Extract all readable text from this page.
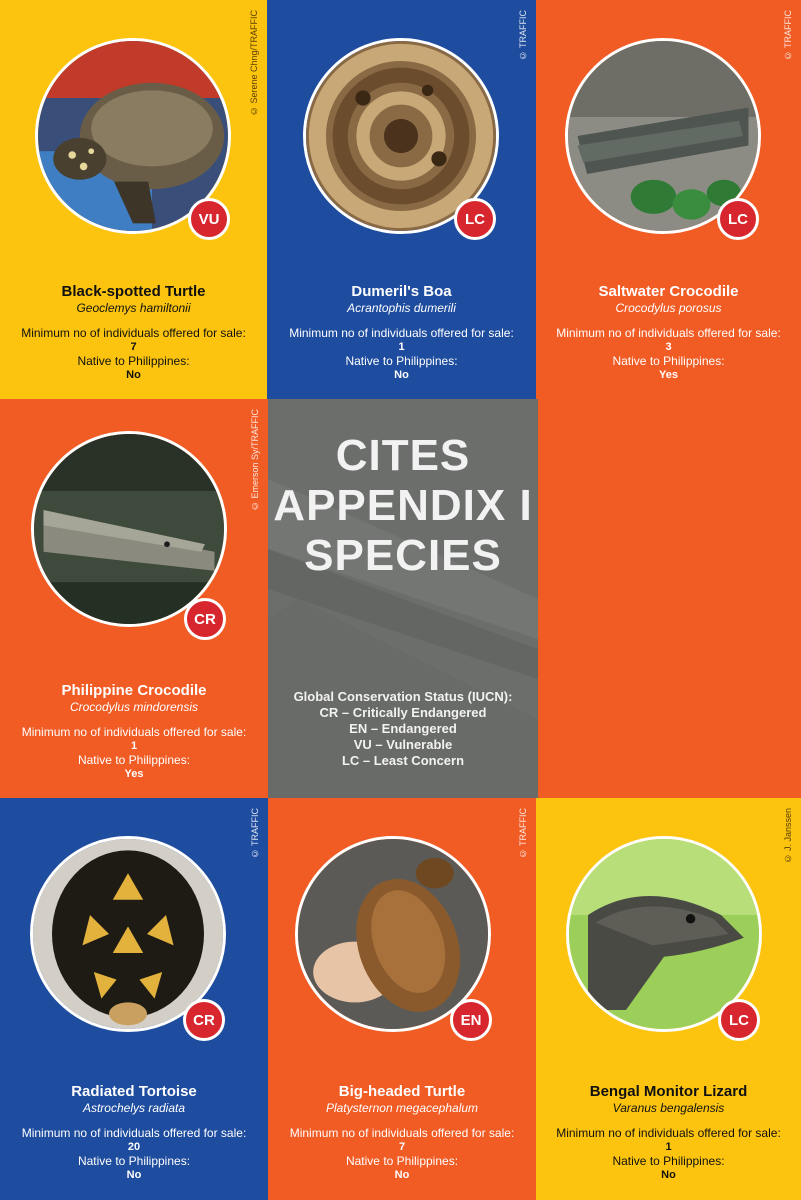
© Serene Chng/TRAFFIC
VU
Black-spotted Turtle
Geoclemys hamiltonii
Minimum no of individuals offered for sale:
7
Native to Philippines:
No
© TRAFFIC
LC
Dumeril's Boa
Acrantophis dumerili
Minimum no of individuals offered for sale:
1
Native to Philippines:
No
© TRAFFIC
LC
Saltwater Crocodile
Crocodylus porosus
Minimum no of individuals offered for sale:
3
Native to Philippines:
Yes
© Emerson Sy/TRAFFIC
CR
Philippine Crocodile
Crocodylus mindorensis
Minimum no of individuals offered for sale:
1
Native to Philippines:
Yes
CITES
APPENDIX I
SPECIES
Global Conservation Status (IUCN):
CR – Critically Endangered
EN – Endangered
VU – Vulnerable
LC – Least Concern
© TRAFFIC
CR
Radiated Tortoise
Astrochelys radiata
Minimum no of individuals offered for sale:
20
Native to Philippines:
No
© TRAFFIC
EN
Big-headed Turtle
Platysternon megacephalum
Minimum no of individuals offered for sale:
7
Native to Philippines:
No
© J. Janssen
LC
Bengal Monitor Lizard
Varanus bengalensis
Minimum no of individuals offered for sale:
1
Native to Philippines:
No
